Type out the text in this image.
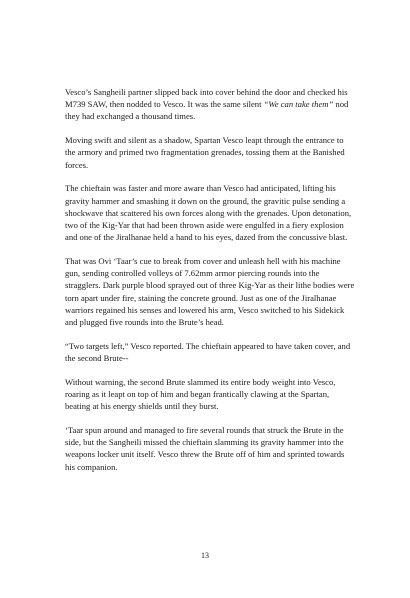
Vesco’s Sangheili partner slipped back into cover behind the door and checked his M739 SAW, then nodded to Vesco. It was the same silent “We can take them” nod they had exchanged a thousand times.

Moving swift and silent as a shadow, Spartan Vesco leapt through the entrance to the armory and primed two fragmentation grenades, tossing them at the Banished forces.

The chieftain was faster and more aware than Vesco had anticipated, lifting his gravity hammer and smashing it down on the ground, the gravitic pulse sending a shockwave that scattered his own forces along with the grenades. Upon detonation, two of the Kig-Yar that had been thrown aside were engulfed in a fiery explosion and one of the Jiralhanae held a hand to his eyes, dazed from the concussive blast.

That was Ovi ‘Taar’s cue to break from cover and unleash hell with his machine gun, sending controlled volleys of 7.62mm armor piercing rounds into the stragglers. Dark purple blood sprayed out of three Kig-Yar as their lithe bodies were torn apart under fire, staining the concrete ground. Just as one of the Jiralhanae warriors regained his senses and lowered his arm, Vesco switched to his Sidekick and plugged five rounds into the Brute’s head.

“Two targets left,” Vesco reported. The chieftain appeared to have taken cover, and the second Brute--

Without warning, the second Brute slammed its entire body weight into Vesco, roaring as it leapt on top of him and began frantically clawing at the Spartan, beating at his energy shields until they burst.

‘Taar spun around and managed to fire several rounds that struck the Brute in the side, but the Sangheili missed the chieftain slamming its gravity hammer into the weapons locker unit itself. Vesco threw the Brute off of him and sprinted towards his companion.

13
